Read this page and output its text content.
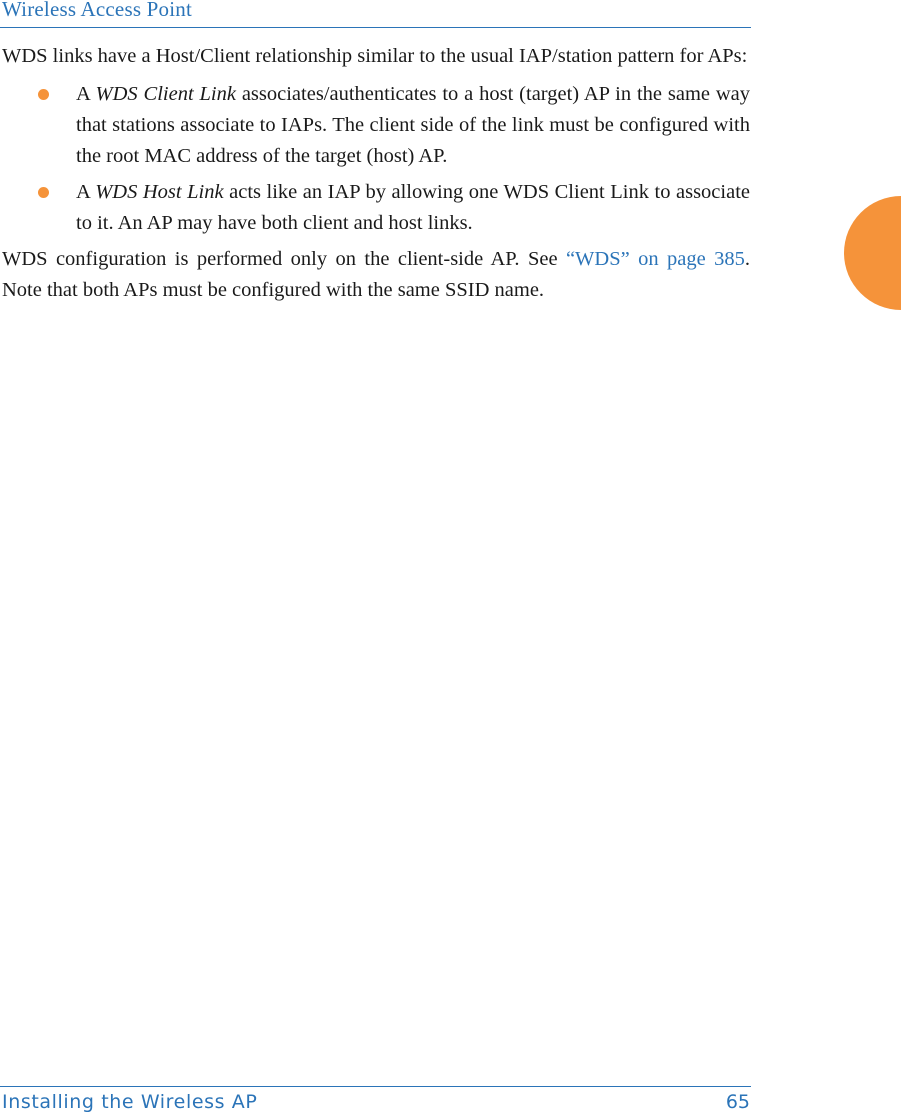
Wireless Access Point

WDS links have a Host/Client relationship similar to the usual IAP/station pattern for APs:

A WDS Client Link associates/authenticates to a host (target) AP in the same way that stations associate to IAPs. The client side of the link must be configured with the root MAC address of the target (host) AP.
A WDS Host Link acts like an IAP by allowing one WDS Client Link to associate to it. An AP may have both client and host links.

WDS configuration is performed only on the client-side AP. See “WDS” on page 385. Note that both APs must be configured with the same SSID name.

Installing the Wireless AP	65
